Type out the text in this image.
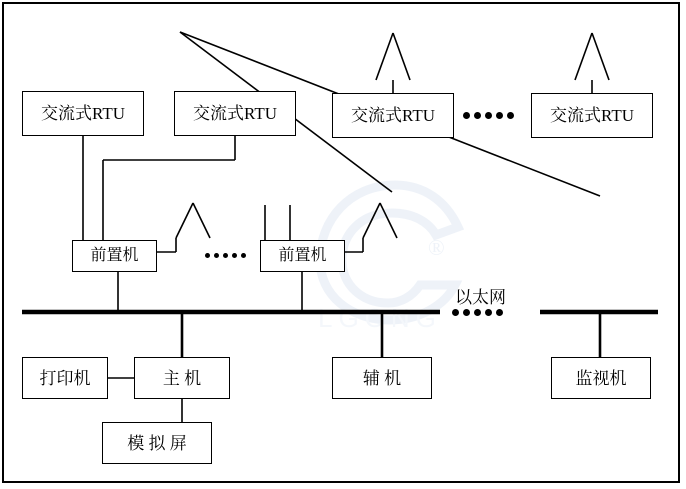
®
LGONG
交流式RTU	交流式RTU	交流式RTU	交流式RTU
前置机	前置机
以太网
打印机	主 机	辅 机	监视机
模 拟 屏
